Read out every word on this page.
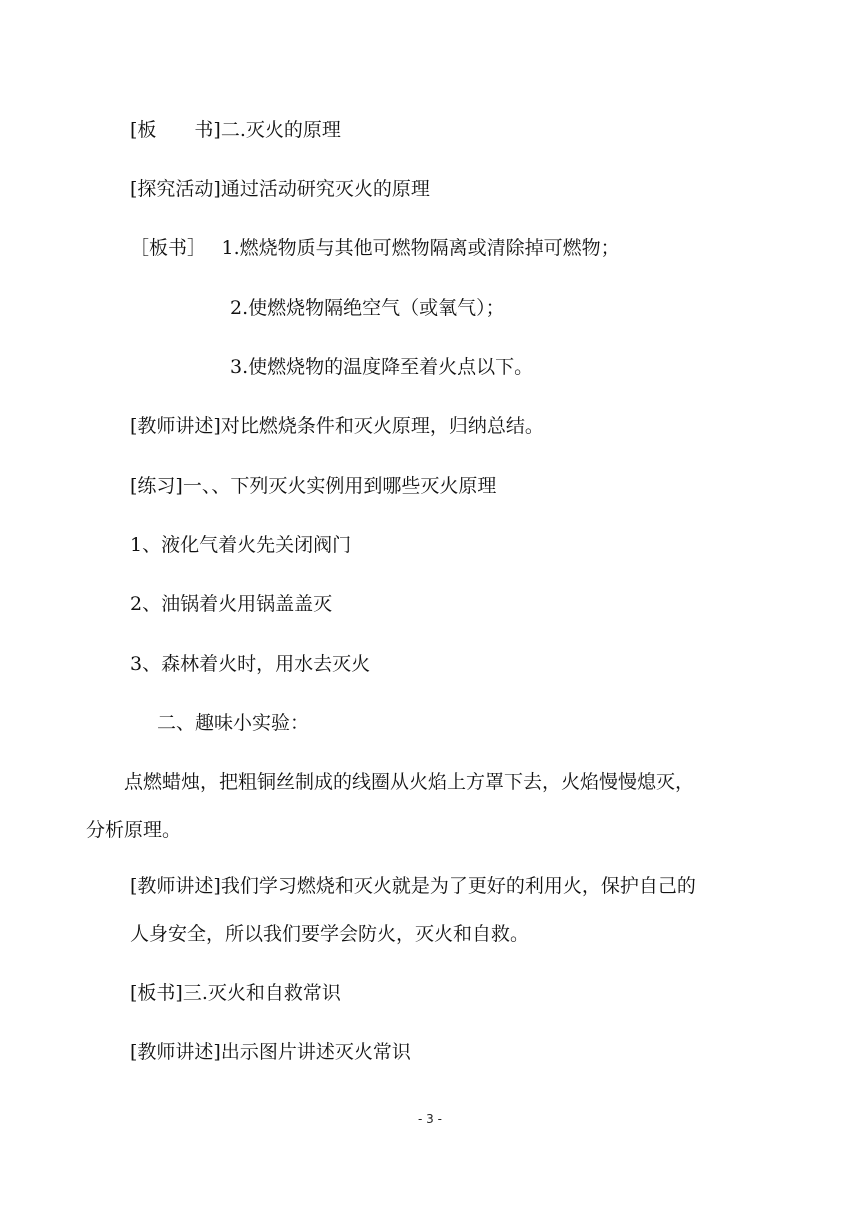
[板　　书]二.灭火的原理
[探究活动]通过活动研究灭火的原理
［板书］　 1.燃烧物质与其他可燃物隔离或清除掉可燃物；
2.使燃烧物隔绝空气（或氧气）；
3.使燃烧物的温度降至着火点以下。
[教师讲述]对比燃烧条件和灭火原理，归纳总结。
[练习]一、、下列灭火实例用到哪些灭火原理
1、液化气着火先关闭阀门
2、油锅着火用锅盖盖灭
3、森林着火时，用水去灭火
二、趣味小实验：
点燃蜡烛，把粗铜丝制成的线圈从火焰上方罩下去，火焰慢慢熄灭，
分析原理。
[教师讲述]我们学习燃烧和灭火就是为了更好的利用火，保护自己的
人身安全，所以我们要学会防火，灭火和自救。
[板书]三.灭火和自救常识
[教师讲述]出示图片讲述灭火常识
- 3 -
